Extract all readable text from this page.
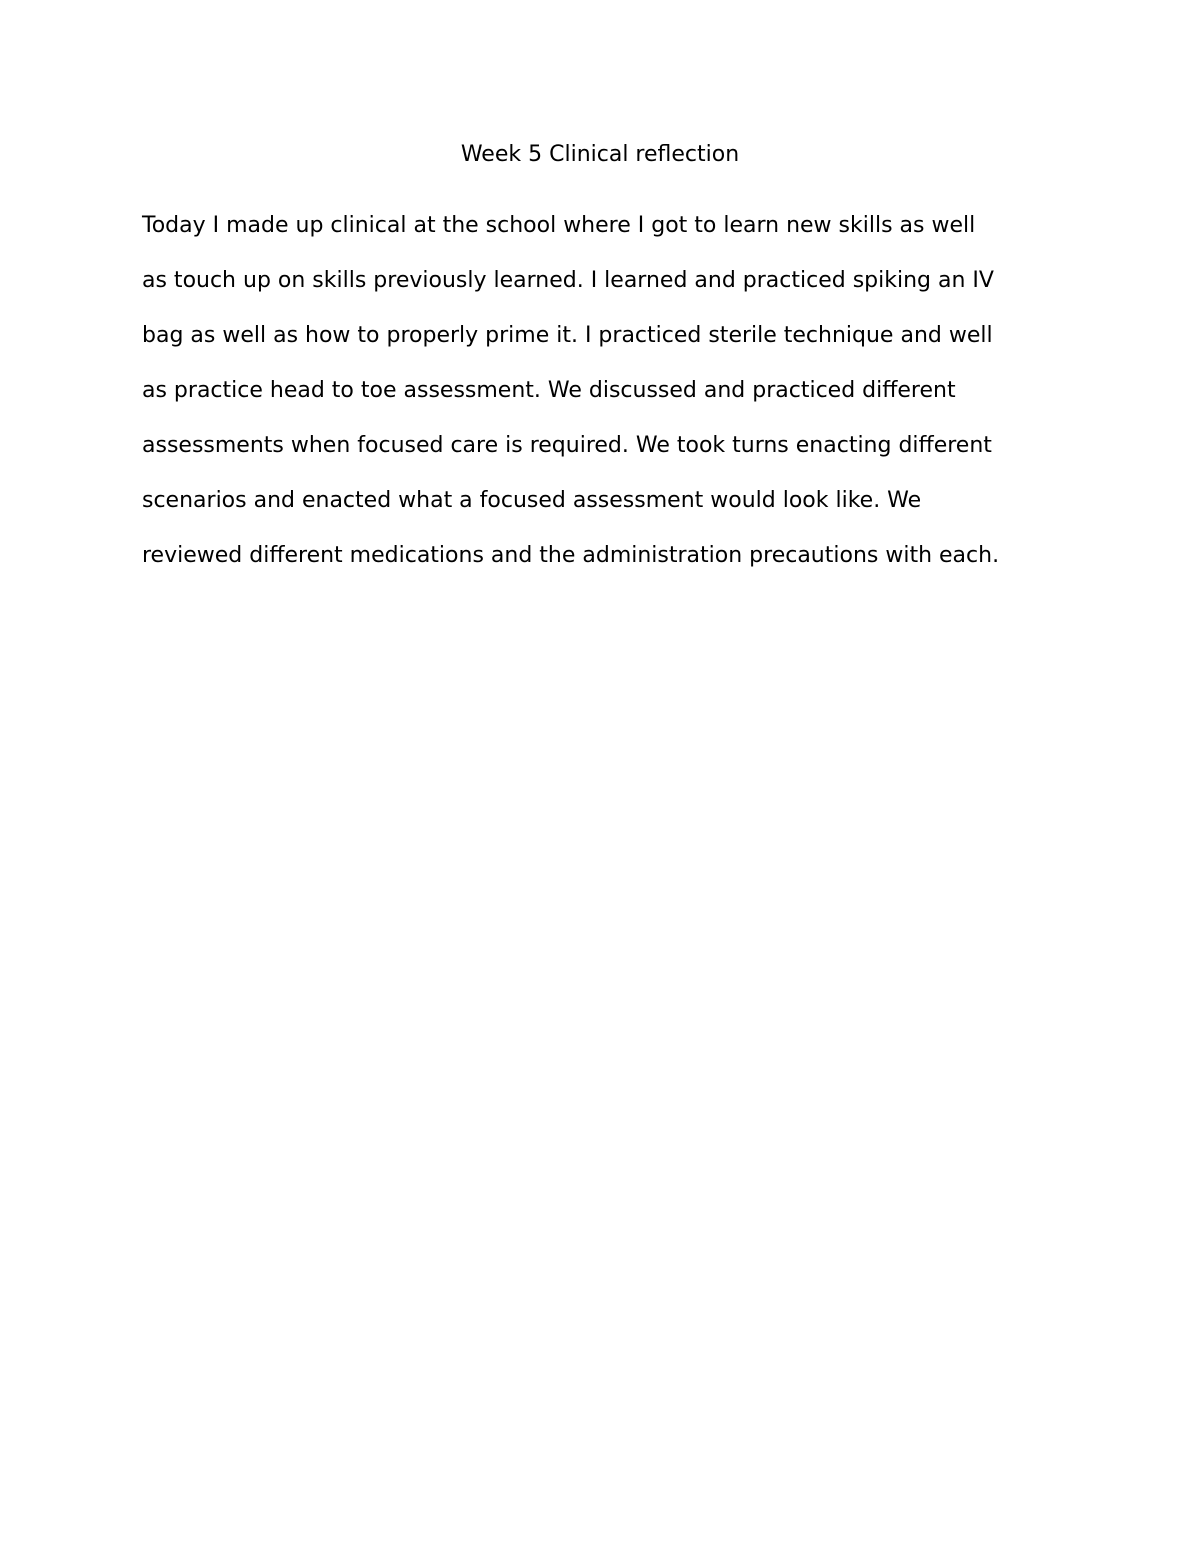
Week 5 Clinical reflection
Today I made up clinical at the school where I got to learn new skills as well
as touch up on skills previously learned. I learned and practiced spiking an IV
bag as well as how to properly prime it. I practiced sterile technique and well
as practice head to toe assessment. We discussed and practiced different
assessments when focused care is required. We took turns enacting different
scenarios and enacted what a focused assessment would look like. We
reviewed different medications and the administration precautions with each.
